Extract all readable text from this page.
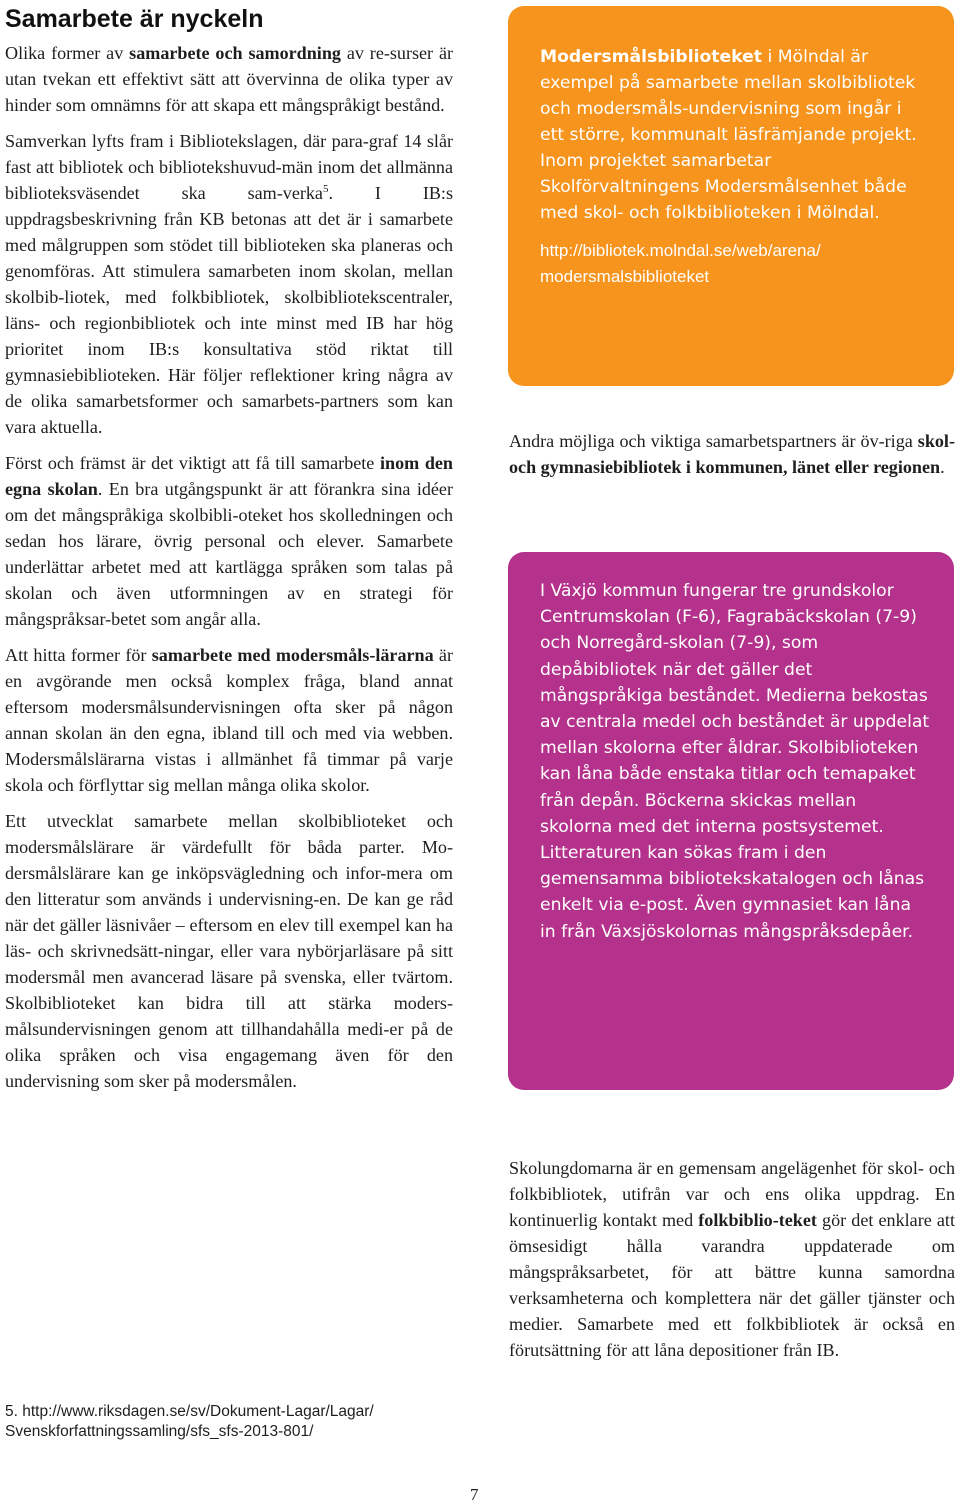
Samarbete är nyckeln

Olika former av samarbete och samordning av re-surser är utan tvekan ett effektivt sätt att övervinna de olika typer av hinder som omnämns för att skapa ett mångspråkigt bestånd.

Samverkan lyfts fram i Bibliotekslagen, där para-graf 14 slår fast att bibliotek och bibliotekshuvud-män inom det allmänna biblioteksväsendet ska sam-verka$^5$. I IB:s uppdragsbeskrivning från KB betonas att det är i samarbete med målgruppen som stödet till biblioteken ska planeras och genomföras. Att stimulera samarbeten inom skolan, mellan skolbib-liotek, med folkbibliotek, skolbibliotekscentraler, läns- och regionbibliotek och inte minst med IB har hög prioritet inom IB:s konsultativa stöd riktat till gymnasiebiblioteken. Här följer reflektioner kring några av de olika samarbetsformer och samarbets-partners som kan vara aktuella.

Först och främst är det viktigt att få till samarbete inom den egna skolan. En bra utgångspunkt är att förankra sina idéer om det mångspråkiga skolbibli-oteket hos skolledningen och sedan hos lärare, övrig personal och elever. Samarbete underlättar arbetet med att kartlägga språken som talas på skolan och även utformningen av en strategi för mångspråksar-betet som angår alla.

Att hitta former för samarbete med modersmåls-lärarna är en avgörande men också komplex fråga, bland annat eftersom modersmålsundervisningen ofta sker på någon annan skolan än den egna, ibland till och med via webben. Modersmålslärarna vistas i allmänhet få timmar på varje skola och förflyttar sig mellan många olika skolor.

Ett utvecklat samarbete mellan skolbiblioteket och modersmålslärare är värdefullt för båda parter. Mo-dersmålslärare kan ge inköpsvägledning och infor-mera om den litteratur som används i undervisning-en. De kan ge råd när det gäller läsnivåer – eftersom en elev till exempel kan ha läs- och skrivnedsätt-ningar, eller vara nybörjarläsare på sitt modersmål men avancerad läsare på svenska, eller tvärtom. Skolbiblioteket kan bidra till att stärka moders-målsundervisningen genom att tillhandahålla medi-er på de olika språken och visa engagemang även för den undervisning som sker på modersmålen.

Modersmålsbiblioteket i Mölndal är exempel på samarbete mellan skolbibliotek och modersmåls-undervisning som ingår i ett större, kommunalt läsfrämjande projekt. Inom projektet samarbetar Skolförvaltningens Modersmålsenhet både med skol- och folkbiblioteken i Mölndal.
http://bibliotek.molndal.se/web/arena/
modersmalsbiblioteket

Andra möjliga och viktiga samarbetspartners är öv-riga skol- och gymnasiebibliotek i kommunen, länet eller regionen.

I Växjö kommun fungerar tre grundskolor Centrumskolan (F-6), Fagrabäckskolan (7-9) och Norregård-skolan (7-9), som depåbibliotek när det gäller det mångspråkiga beståndet. Medierna bekostas av centrala medel och beståndet är uppdelat mellan skolorna efter åldrar. Skolbiblioteken kan låna både enstaka titlar och temapaket från depån. Böckerna skickas mellan skolorna med det interna postsystemet. Litteraturen kan sökas fram i den gemensamma bibliotekskatalogen och lånas enkelt via e-post. Även gymnasiet kan låna in från Växsjöskolornas mångspråksdepåer.

Skolungdomarna är en gemensam angelägenhet för skol- och folkbibliotek, utifrån var och ens olika uppdrag. En kontinuerlig kontakt med folkbiblio-teket gör det enklare att ömsesidigt hålla varandra uppdaterade om mångspråksarbetet, för att bättre kunna samordna verksamheterna och komplettera när det gäller tjänster och medier. Samarbete med ett folkbibliotek är också en förutsättning för att låna depositioner från IB.

5. http://www.riksdagen.se/sv/Dokument-Lagar/Lagar/
Svenskforfattningssamling/sfs_sfs-2013-801/
7
